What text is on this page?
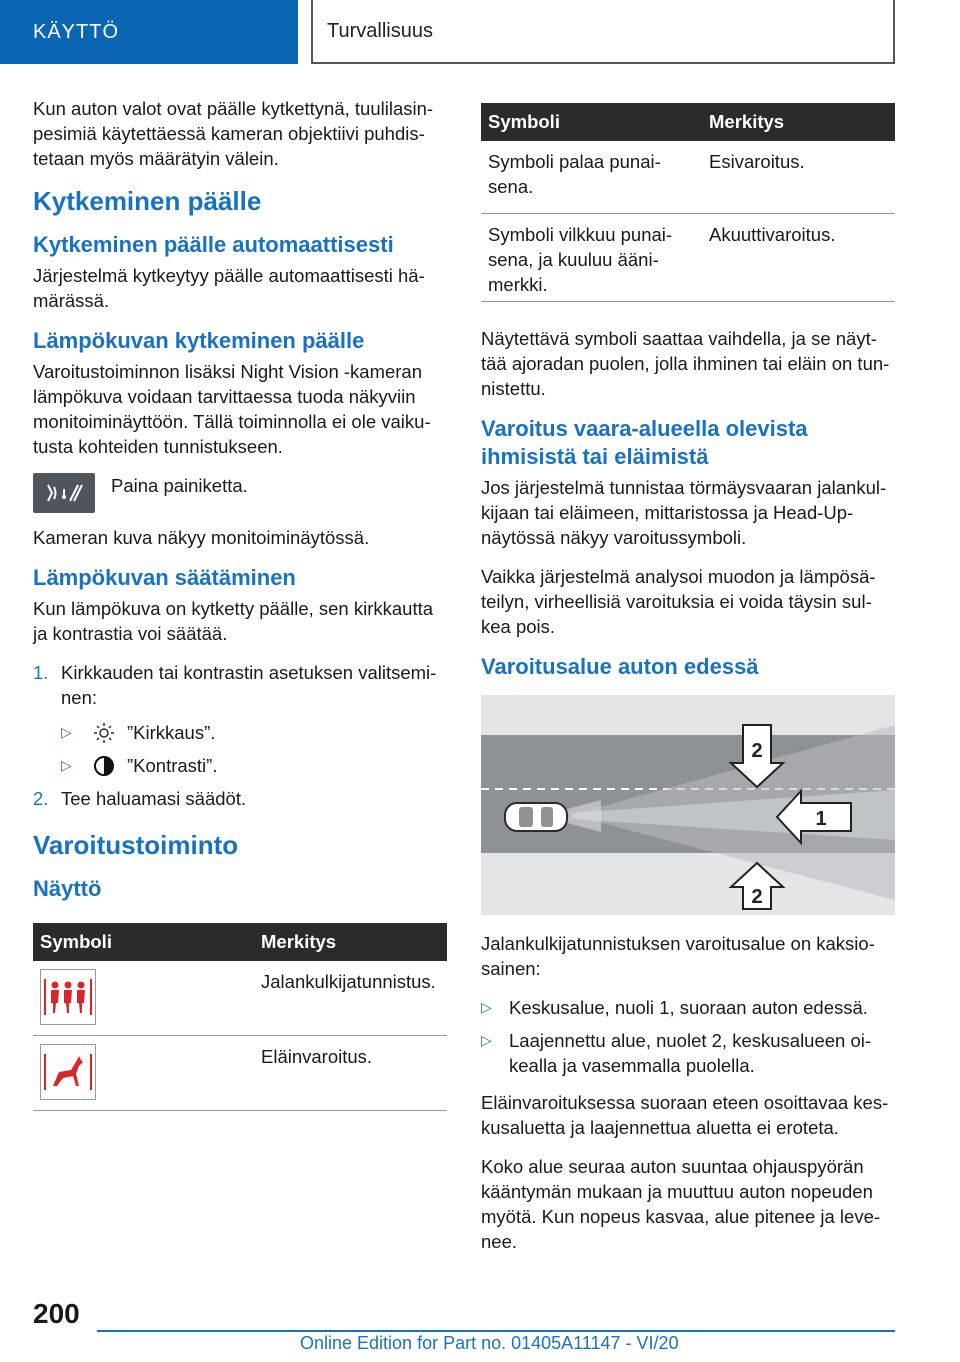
KÄYTTÖ	Turvallisuus

Kun auton valot ovat päälle kytkettynä, tuulilasinpesimiä käytettäessä kameran objektiivi puhdistetaan myös määrätyin välein.

Kytkeminen päälle
Kytkeminen päälle automaattisesti

Järjestelmä kytkeytyy päälle automaattisesti hämärässä.

Lämpökuvan kytkeminen päälle

Varoitustoiminnon lisäksi Night Vision -kameran lämpökuva voidaan tarvittaessa tuoda näkyviin monitoiminäyttöön. Tällä toiminnolla ei ole vaikutusta kohteiden tunnistukseen.

Paina painiketta.

Kameran kuva näkyy monitoiminäytössä.

Lämpökuvan säätäminen

Kun lämpökuva on kytketty päälle, sen kirkkautta ja kontrastia voi säätää.

1. Kirkkauden tai kontrastin asetuksen valitseminen:
▷	”Kirkkaus”.
▷	”Kontrasti”.
2. Tee haluamasi säädöt.
Varoitustoiminto
Näyttö
Symboli	Merkitys

	Jalankulkijatunnistus.

	Eläinvaroitus.
Symboli	Merkitys
Symboli palaa punaisena.	Esivaroitus.
Symboli vilkkuu punaisena, ja kuuluu äänimerkki.	Akuuttivaroitus.

Näytettävä symboli saattaa vaihdella, ja se näyttää ajoradan puolen, jolla ihminen tai eläin on tunnistettu.

Varoitus vaara-alueella olevista ihmisistä tai eläimistä

Jos järjestelmä tunnistaa törmäysvaaran jalankulkijaan tai eläimeen, mittaristossa ja Head-Up-näytössä näkyy varoitussymboli.

Vaikka järjestelmä analysoi muodon ja lämpösäteilyn, virheellisiä varoituksia ei voida täysin sulkea pois.

Varoitusalue auton edessä
2
1
2

Jalankulkijatunnistuksen varoitusalue on kaksiosainen:

▷ Keskusalue, nuoli 1, suoraan auton edessä.
▷ Laajennettu alue, nuolet 2, keskusalueen oikealla ja vasemmalla puolella.

Eläinvaroituksessa suoraan eteen osoittavaa keskusaluetta ja laajennettua aluetta ei eroteta.

Koko alue seuraa auton suuntaa ohjauspyörän kääntymän mukaan ja muuttuu auton nopeuden myötä. Kun nopeus kasvaa, alue pitenee ja levenee.

200
Online Edition for Part no. 01405A11147 - VI/20
